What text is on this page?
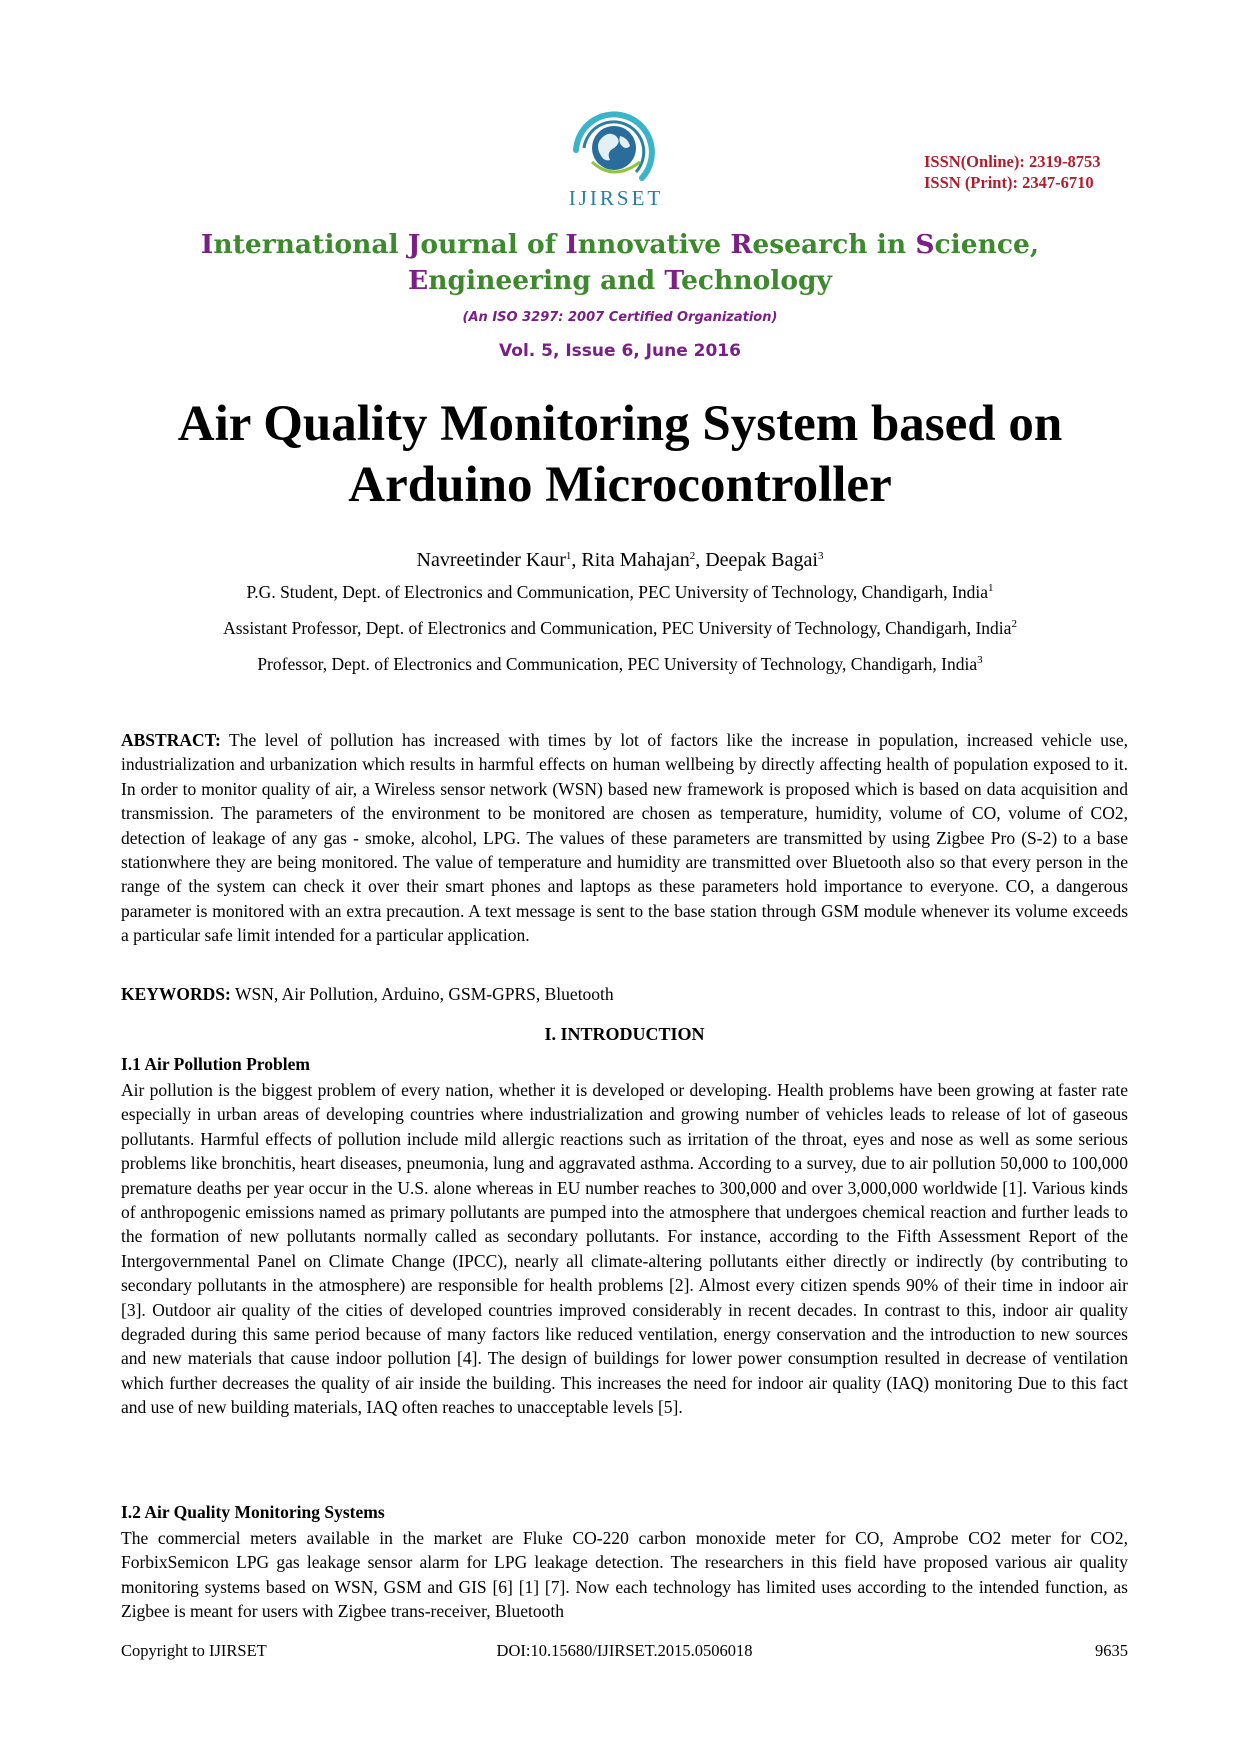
IJIRSET
ISSN(Online): 2319-8753
ISSN (Print): 2347-6710
International Journal of Innovative Research in Science,
Engineering and Technology
(An ISO 3297: 2007 Certified Organization)
Vol. 5, Issue 6, June 2016
Air Quality Monitoring System based on
Arduino Microcontroller
Navreetinder Kaur$^1$, Rita Mahajan$^2$, Deepak Bagai$^3$
P.G. Student, Dept. of Electronics and Communication, PEC University of Technology, Chandigarh, India$^1$
Assistant Professor, Dept. of Electronics and Communication, PEC University of Technology, Chandigarh, India$^2$
Professor, Dept. of Electronics and Communication, PEC University of Technology, Chandigarh, India$^3$

ABSTRACT: The level of pollution has increased with times by lot of factors like the increase in population, increased vehicle use, industrialization and urbanization which results in harmful effects on human wellbeing by directly affecting health of population exposed to it. In order to monitor quality of air, a Wireless sensor network (WSN) based new framework is proposed which is based on data acquisition and transmission. The parameters of the environment to be monitored are chosen as temperature, humidity, volume of CO, volume of CO2, detection of leakage of any gas - smoke, alcohol, LPG. The values of these parameters are transmitted by using Zigbee Pro (S-2) to a base stationwhere they are being monitored. The value of temperature and humidity are transmitted over Bluetooth also so that every person in the range of the system can check it over their smart phones and laptops as these parameters hold importance to everyone. CO, a dangerous parameter is monitored with an extra precaution. A text message is sent to the base station through GSM module whenever its volume exceeds a particular safe limit intended for a particular application.

KEYWORDS: WSN, Air Pollution, Arduino, GSM-GPRS, Bluetooth

I. INTRODUCTION
I.1 Air Pollution Problem

Air pollution is the biggest problem of every nation, whether it is developed or developing. Health problems have been growing at faster rate especially in urban areas of developing countries where industrialization and growing number of vehicles leads to release of lot of gaseous pollutants. Harmful effects of pollution include mild allergic reactions such as irritation of the throat, eyes and nose as well as some serious problems like bronchitis, heart diseases, pneumonia, lung and aggravated asthma. According to a survey, due to air pollution 50,000 to 100,000 premature deaths per year occur in the U.S. alone whereas in EU number reaches to 300,000 and over 3,000,000 worldwide [1]. Various kinds of anthropogenic emissions named as primary pollutants are pumped into the atmosphere that undergoes chemical reaction and further leads to the formation of new pollutants normally called as secondary pollutants. For instance, according to the Fifth Assessment Report of the Intergovernmental Panel on Climate Change (IPCC), nearly all climate-altering pollutants either directly or indirectly (by contributing to secondary pollutants in the atmosphere) are responsible for health problems [2]. Almost every citizen spends 90% of their time in indoor air [3]. Outdoor air quality of the cities of developed countries improved considerably in recent decades. In contrast to this, indoor air quality degraded during this same period because of many factors like reduced ventilation, energy conservation and the introduction to new sources and new materials that cause indoor pollution [4]. The design of buildings for lower power consumption resulted in decrease of ventilation which further decreases the quality of air inside the building. This increases the need for indoor air quality (IAQ) monitoring Due to this fact and use of new building materials, IAQ often reaches to unacceptable levels [5].

I.2 Air Quality Monitoring Systems

The commercial meters available in the market are Fluke CO-220 carbon monoxide meter for CO, Amprobe CO2 meter for CO2, ForbixSemicon LPG gas leakage sensor alarm for LPG leakage detection. The researchers in this field have proposed various air quality monitoring systems based on WSN, GSM and GIS [6] [1] [7]. Now each technology has limited uses according to the intended function, as Zigbee is meant for users with Zigbee trans-receiver, Bluetooth

Copyright to IJIRSET	DOI:10.15680/IJIRSET.2015.0506018	9635
